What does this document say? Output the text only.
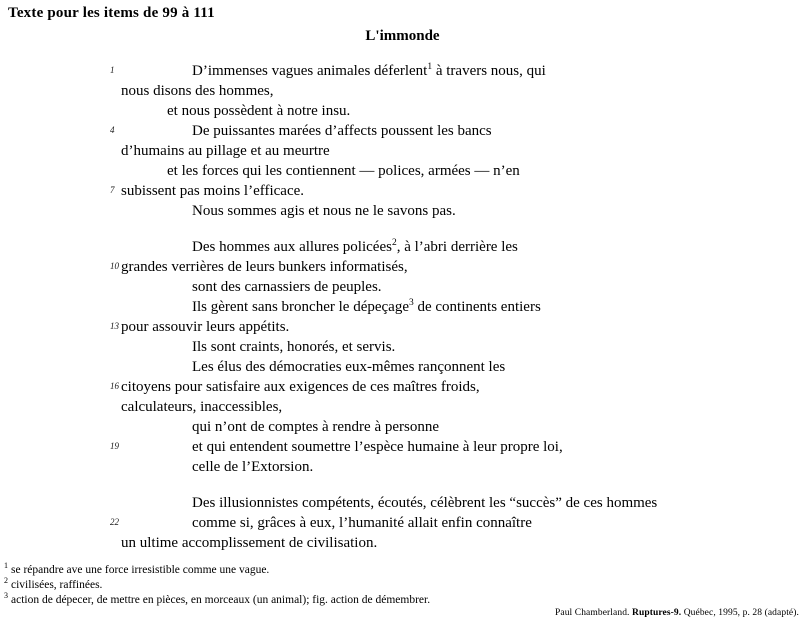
Texte pour les items de 99 à 111
L'immonde
1	D’immenses vagues animales déferlent$^1$ à travers nous, qui
nous disons des hommes,
et nous possèdent à notre insu.
4	De puissantes marées d’affects poussent les bancs
d’humains au pillage et au meurtre
et les forces qui les contiennent — polices, armées — n’en
7 subissent pas moins l’efficace.
Nous sommes agis et nous ne le savons pas.
Des hommes aux allures policées$^2$, à l’abri derrière les
10 grandes verrières de leurs bunkers informatisés,
sont des carnassiers de peuples.
Ils gèrent sans broncher le dépeçage$^3$ de continents entiers
13 pour assouvir leurs appétits.
Ils sont craints, honorés, et servis.
Les élus des démocraties eux-mêmes rançonnent les
16 citoyens pour satisfaire aux exigences de ces maîtres froids,
calculateurs, inaccessibles,
qui n’ont de comptes à rendre à personne
19	et qui entendent soumettre l’espèce humaine à leur propre loi,
celle de l’Extorsion.
Des illusionnistes compétents, écoutés, célèbrent les “succès” de ces hommes
22	comme si, grâces à eux, l’humanité allait enfin connaître
un ultime accomplissement de civilisation.
$^1$ se répandre ave une force irresistible comme une vague.
$^2$ civilisées, raffinées.
$^3$ action de dépecer, de mettre en pièces, en morceaux (un animal); fig. action de démembrer.
Paul Chamberland. Ruptures-9. Québec, 1995, p. 28 (adapté).
